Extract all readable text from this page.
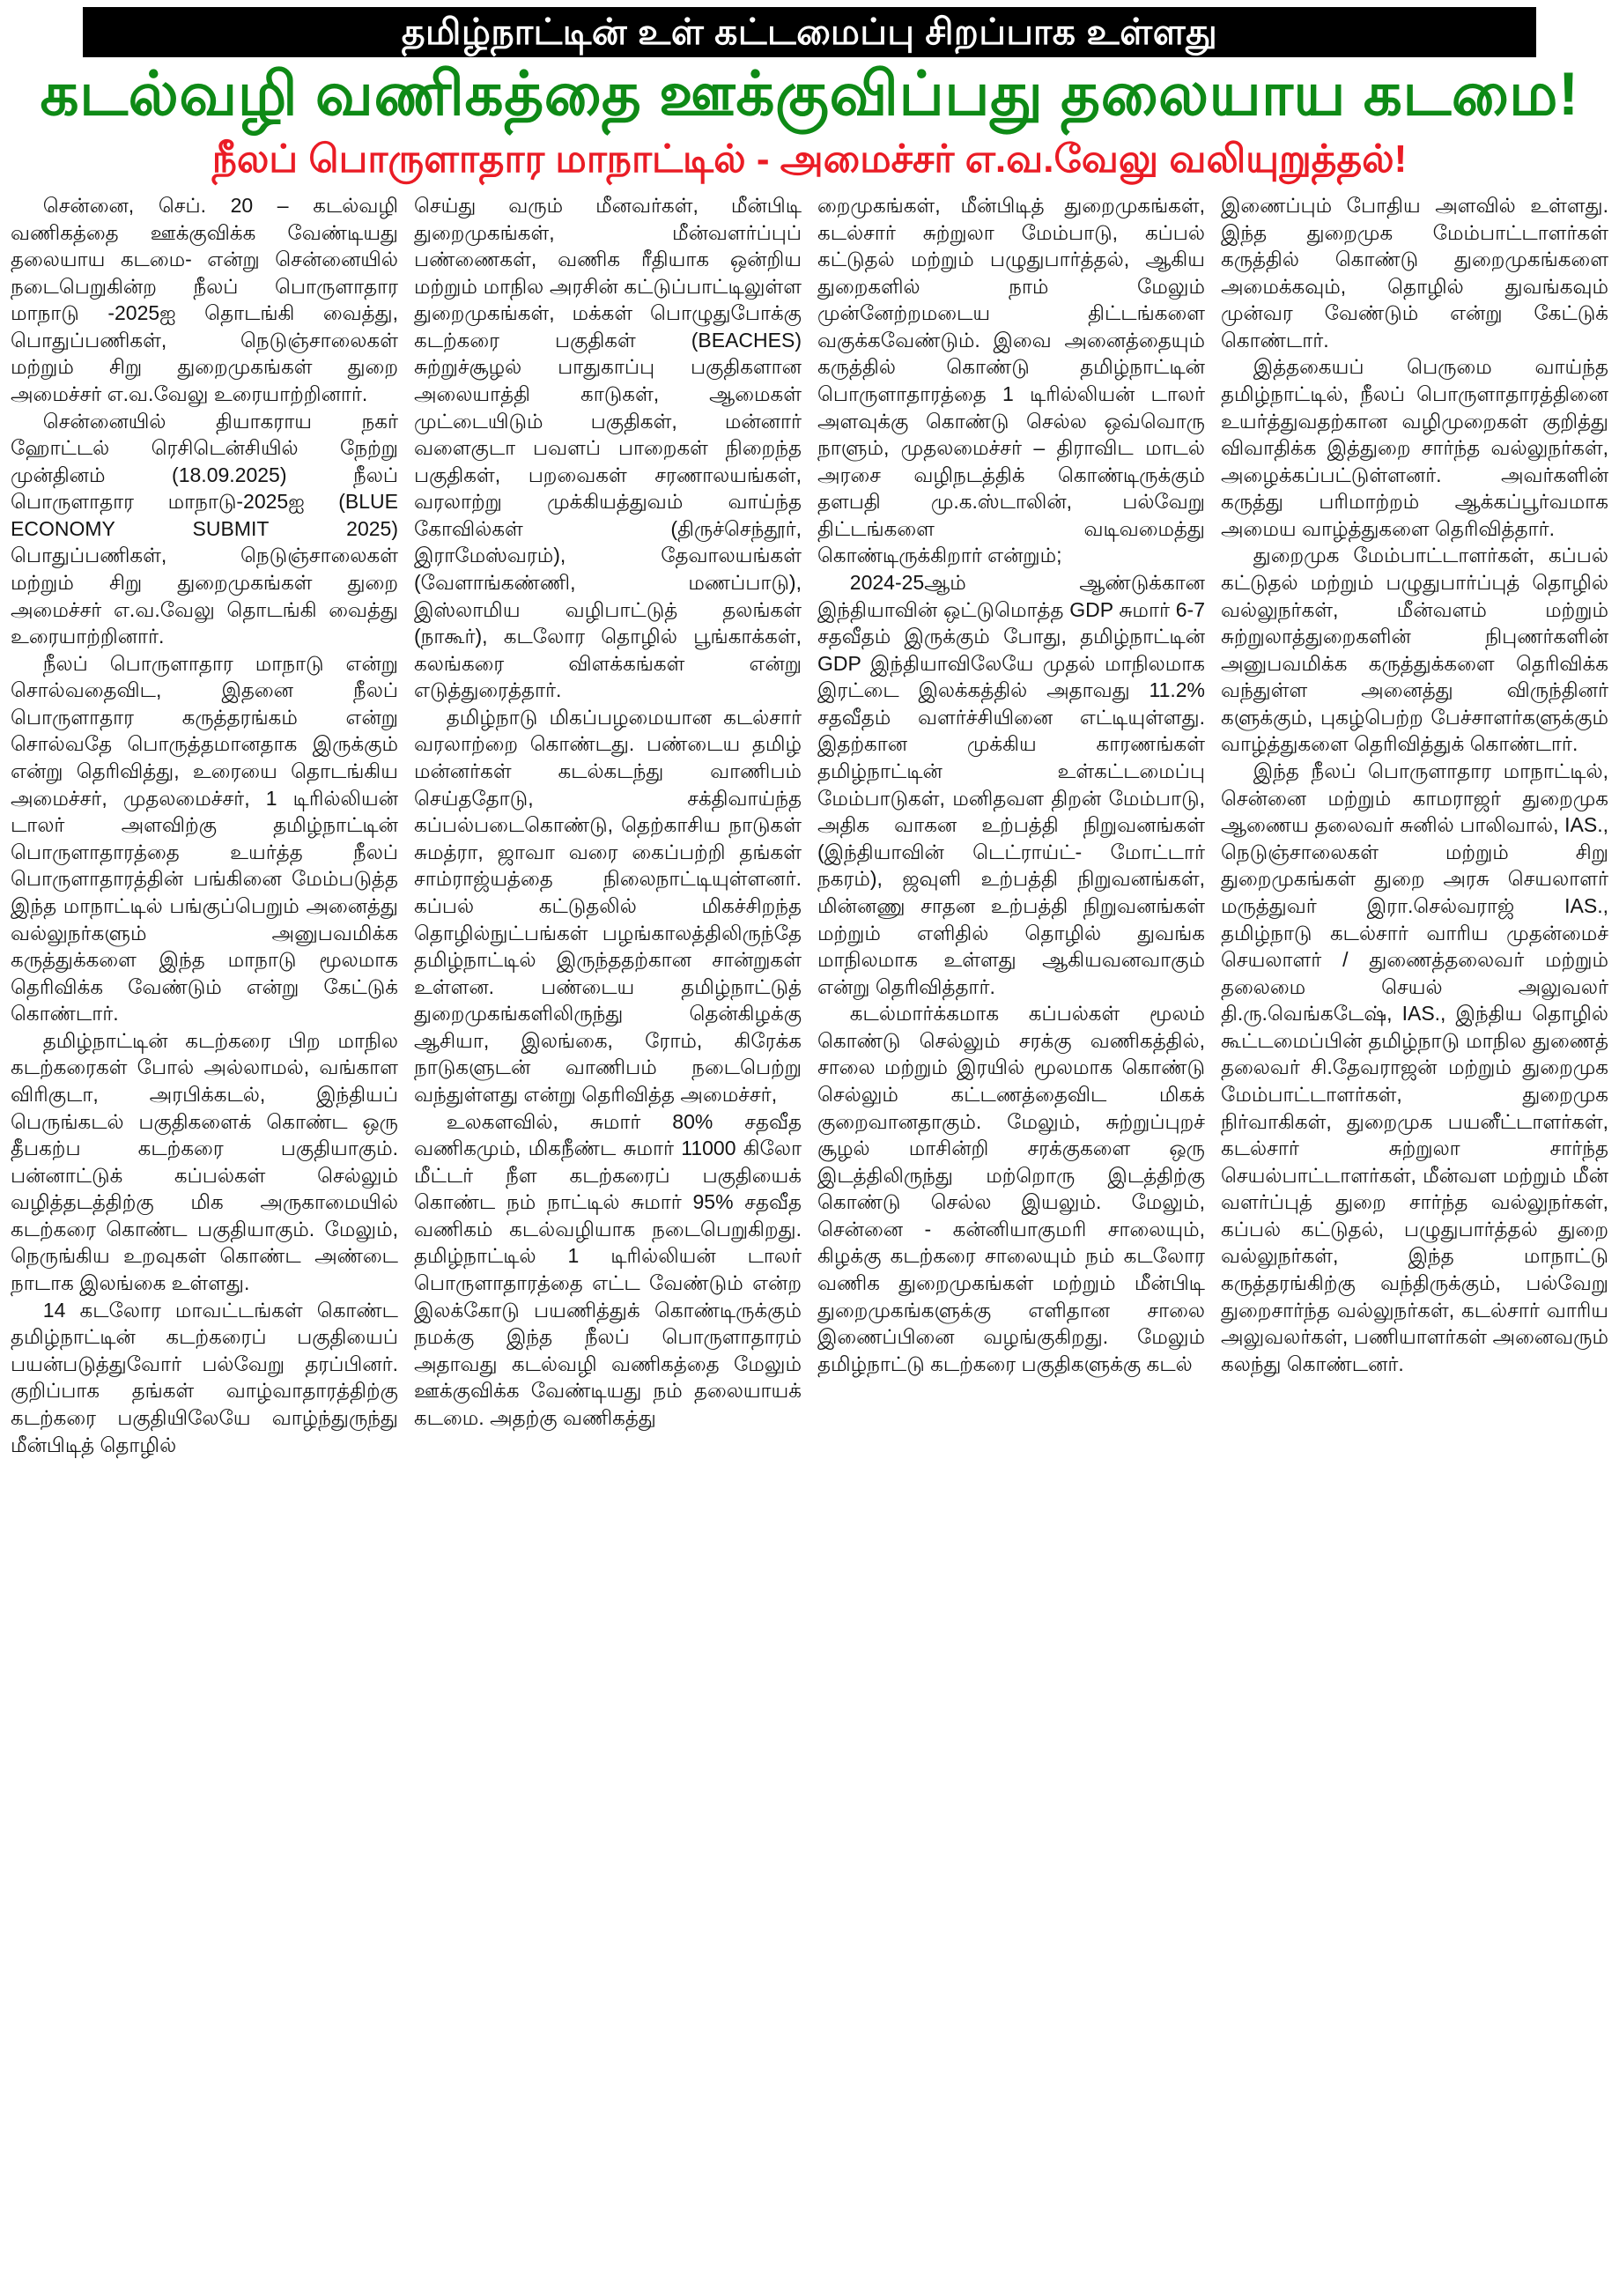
தமிழ்நாட்டின் உள் கட்டமைப்பு சிறப்பாக உள்ளது
கடல்வழி வணிகத்தை ஊக்குவிப்பது தலையாய கடமை!
நீலப் பொருளாதார மாநாட்டில் - அமைச்சர் எ.வ.வேலு வலியுறுத்தல்!

சென்னை, செப். 20 – கடல்வழி வணிகத்தை ஊக்குவிக்க வேண்டியது தலையாய கடமை- என்று சென்னையில் நடைபெறுகின்ற நீலப் பொருளாதார மாநாடு -2025ஐ தொடங்கி வைத்து, பொதுப்பணிகள், நெடுஞ்சாலைகள் மற்றும் சிறு துறைமுகங்கள் துறை அமைச்சர் எ.வ.வேலு உரையாற்றினார்.

சென்னையில் தியாகராய நகர் ஹோட்டல் ரெசிடென்சியில் நேற்று முன்தினம் (18.09.2025) நீலப் பொருளாதார மாநாடு-2025ஐ (BLUE ECONOMY SUBMIT 2025) பொதுப்பணிகள், நெடுஞ்சாலைகள் மற்றும் சிறு துறைமுகங்கள் துறை அமைச்சர் எ.வ.வேலு தொடங்கி வைத்து உரையாற்றினார்.

நீலப் பொருளாதார மாநாடு என்று சொல்வதைவிட, இதனை நீலப் பொருளாதார கருத்தரங்கம் என்று சொல்வதே பொருத்தமானதாக இருக்கும் என்று தெரிவித்து, உரையை தொடங்கிய அமைச்சர், முதலமைச்சர், 1 டிரில்லியன் டாலர் அளவிற்கு தமிழ்நாட்டின் பொருளாதாரத்தை உயர்த்த நீலப் பொருளாதாரத்தின் பங்கினை மேம்படுத்த இந்த மாநாட்டில் பங்குப்பெறும் அனைத்து வல்லுநர்களும் அனுபவமிக்க கருத்துக்களை இந்த மாநாடு மூலமாக தெரிவிக்க வேண்டும் என்று கேட்டுக் கொண்டார்.

தமிழ்நாட்டின் கடற்கரை பிற மாநில கடற்கரைகள் போல் அல்லாமல், வங்காள விரிகுடா, அரபிக்கடல், இந்தியப் பெருங்கடல் பகுதிகளைக் கொண்ட ஒரு தீபகற்ப கடற்கரை பகுதியாகும். பன்னாட்டுக் கப்பல்கள் செல்லும் வழித்தடத்திற்கு மிக அருகாமையில் கடற்கரை கொண்ட பகுதியாகும். மேலும், நெருங்கிய உறவுகள் கொண்ட அண்டை நாடாக இலங்கை உள்ளது.

14 கடலோர மாவட்டங்கள் கொண்ட தமிழ்நாட்டின் கடற்கரைப் பகுதியைப் பயன்படுத்துவோர் பல்வேறு தரப்பினர். குறிப்பாக தங்கள் வாழ்வாதாரத்திற்கு கடற்கரை பகுதியிலேயே வாழ்ந்துருந்து மீன்பிடித் தொழில்

செய்து வரும் மீனவர்கள், மீன்பிடி துறைமுகங்கள், மீன்வளர்ப்புப் பண்ணைகள், வணிக ரீதியாக ஒன்றிய மற்றும் மாநில அரசின் கட்டுப்பாட்டிலுள்ள துறைமுகங்கள், மக்கள் பொழுதுபோக்கு கடற்கரை பகுதிகள் (BEACHES) சுற்றுச்சூழல் பாதுகாப்பு பகுதிகளான அலையாத்தி காடுகள், ஆமைகள் முட்டையிடும் பகுதிகள், மன்னார் வளைகுடா பவளப் பாறைகள் நிறைந்த பகுதிகள், பறவைகள் சரணாலயங்கள், வரலாற்று முக்கியத்துவம் வாய்ந்த கோவில்கள் (திருச்செந்தூர், இராமேஸ்வரம்), தேவாலயங்கள் (வேளாங்கண்ணி, மணப்பாடு), இஸ்லாமிய வழிபாட்டுத் தலங்கள் (நாகூர்), கடலோர தொழில் பூங்காக்கள், கலங்கரை விளக்கங்கள் என்று எடுத்துரைத்தார்.

தமிழ்நாடு மிகப்பழமையான கடல்சார் வரலாற்றை கொண்டது. பண்டைய தமிழ் மன்னர்கள் கடல்கடந்து வாணிபம் செய்ததோடு, சக்திவாய்ந்த கப்பல்படைகொண்டு, தெற்காசிய நாடுகள் சுமத்ரா, ஜாவா வரை கைப்பற்றி தங்கள் சாம்ராஜ்யத்தை நிலைநாட்டியுள்ளனர். கப்பல் கட்டுதலில் மிகச்சிறந்த தொழில்நுட்பங்கள் பழங்காலத்திலிருந்தே தமிழ்நாட்டில் இருந்ததற்கான சான்றுகள் உள்ளன. பண்டைய தமிழ்நாட்டுத் துறைமுகங்களிலிருந்து தென்கிழக்கு ஆசியா, இலங்கை, ரோம், கிரேக்க நாடுகளுடன் வாணிபம் நடைபெற்று வந்துள்ளது என்று தெரிவித்த அமைச்சர்,

உலகளவில், சுமார் 80% சதவீத வணிகமும், மிகநீண்ட சுமார் 11000 கிலோ மீட்டர் நீள கடற்கரைப் பகுதியைக் கொண்ட நம் நாட்டில் சுமார் 95% சதவீத வணிகம் கடல்வழியாக நடைபெறுகிறது. தமிழ்நாட்டில் 1 டிரில்லியன் டாலர் பொருளாதாரத்தை எட்ட வேண்டும் என்ற இலக்கோடு பயணித்துக் கொண்டிருக்கும் நமக்கு இந்த நீலப் பொருளாதாரம் அதாவது கடல்வழி வணிகத்தை மேலும் ஊக்குவிக்க வேண்டியது நம் தலையாயக் கடமை. அதற்கு வணிகத்து

றைமுகங்கள், மீன்பிடித் துறைமுகங்கள், கடல்சார் சுற்றுலா மேம்பாடு, கப்பல் கட்டுதல் மற்றும் பழுதுபார்த்தல், ஆகிய துறைகளில் நாம் மேலும் முன்னேற்றமடைய திட்டங்களை வகுக்கவேண்டும். இவை அனைத்தையும் கருத்தில் கொண்டு தமிழ்நாட்டின் பொருளாதாரத்தை 1 டிரில்லியன் டாலர் அளவுக்கு கொண்டு செல்ல ஒவ்வொரு நாளும், முதலமைச்சர் – திராவிட மாடல் அரசை வழிநடத்திக் கொண்டிருக்கும் தளபதி மு.க.ஸ்டாலின், பல்வேறு திட்டங்களை வடிவமைத்து கொண்டிருக்கிறார் என்றும்;

2024-25ஆம் ஆண்டுக்கான இந்தியாவின் ஒட்டுமொத்த GDP சுமார் 6-7 சதவீதம் இருக்கும் போது, தமிழ்நாட்டின் GDP இந்தியாவிலேயே முதல் மாநிலமாக இரட்டை இலக்கத்தில் அதாவது 11.2% சதவீதம் வளர்ச்சியினை எட்டியுள்ளது. இதற்கான முக்கிய காரணங்கள் தமிழ்நாட்டின் உள்கட்டமைப்பு மேம்பாடுகள், மனிதவள திறன் மேம்பாடு, அதிக வாகன உற்பத்தி நிறுவனங்கள் (இந்தியாவின் டெட்ராய்ட்- மோட்டார் நகரம்), ஜவுளி உற்பத்தி நிறுவனங்கள், மின்னணு சாதன உற்பத்தி நிறுவனங்கள் மற்றும் எளிதில் தொழில் துவங்க மாநிலமாக உள்ளது ஆகியவனவாகும் என்று தெரிவித்தார்.

கடல்மார்க்கமாக கப்பல்கள் மூலம் கொண்டு செல்லும் சரக்கு வணிகத்தில், சாலை மற்றும் இரயில் மூலமாக கொண்டு செல்லும் கட்டணத்தைவிட மிகக் குறைவானதாகும். மேலும், சுற்றுப்புறச் சூழல் மாசின்றி சரக்குகளை ஒரு இடத்திலிருந்து மற்றொரு இடத்திற்கு கொண்டு செல்ல இயலும். மேலும், சென்னை - கன்னியாகுமரி சாலையும், கிழக்கு கடற்கரை சாலையும் நம் கடலோர வணிக துறைமுகங்கள் மற்றும் மீன்பிடி துறைமுகங்களுக்கு எளிதான சாலை இணைப்பினை வழங்குகிறது. மேலும் தமிழ்நாட்டு கடற்கரை பகுதிகளுக்கு கடல்

இணைப்பும் போதிய அளவில் உள்ளது. இந்த துறைமுக மேம்பாட்டாளர்கள் கருத்தில் கொண்டு துறைமுகங்களை அமைக்கவும், தொழில் துவங்கவும் முன்வர வேண்டும் என்று கேட்டுக் கொண்டார்.

இத்தகையப் பெருமை வாய்ந்த தமிழ்நாட்டில், நீலப் பொருளாதாரத்தினை உயர்த்துவதற்கான வழிமுறைகள் குறித்து விவாதிக்க இத்துறை சார்ந்த வல்லுநர்கள், அழைக்கப்பட்டுள்ளனர். அவர்களின் கருத்து பரிமாற்றம் ஆக்கப்பூர்வமாக அமைய வாழ்த்துகளை தெரிவித்தார்.

துறைமுக மேம்பாட்டாளர்கள், கப்பல் கட்டுதல் மற்றும் பழுதுபார்ப்புத் தொழில் வல்லுநர்கள், மீன்வளம் மற்றும் சுற்றுலாத்துறைகளின் நிபுணர்களின் அனுபவமிக்க கருத்துக்களை தெரிவிக்க வந்துள்ள அனைத்து விருந்தினர் களுக்கும், புகழ்பெற்ற பேச்சாளர்களுக்கும் வாழ்த்துகளை தெரிவித்துக் கொண்டார்.

இந்த நீலப் பொருளாதார மாநாட்டில், சென்னை மற்றும் காமராஜர் துறைமுக ஆணைய தலைவர் சுனில் பாலிவால், IAS., நெடுஞ்சாலைகள் மற்றும் சிறு துறைமுகங்கள் துறை அரசு செயலாளர் மருத்துவர் இரா.செல்வராஜ் IAS., தமிழ்நாடு கடல்சார் வாரிய முதன்மைச் செயலாளர் / துணைத்தலைவர் மற்றும் தலைமை செயல் அலுவலர் தி.ரு.வெங்கடேஷ், IAS., இந்திய தொழில் கூட்டமைப்பின் தமிழ்நாடு மாநில துணைத் தலைவர் சி.தேவராஜன் மற்றும் துறைமுக மேம்பாட்டாளர்கள், துறைமுக நிர்வாகிகள், துறைமுக பயனீட்டாளர்கள், கடல்சார் சுற்றுலா சார்ந்த செயல்பாட்டாளர்கள், மீன்வள மற்றும் மீன் வளர்ப்புத் துறை சார்ந்த வல்லுநர்கள், கப்பல் கட்டுதல், பழுதுபார்த்தல் துறை வல்லுநர்கள், இந்த மாநாட்டு கருத்தரங்கிற்கு வந்திருக்கும், பல்வேறு துறைசார்ந்த வல்லுநர்கள், கடல்சார் வாரிய அலுவலர்கள், பணியாளர்கள் அனைவரும் கலந்து கொண்டனர்.
